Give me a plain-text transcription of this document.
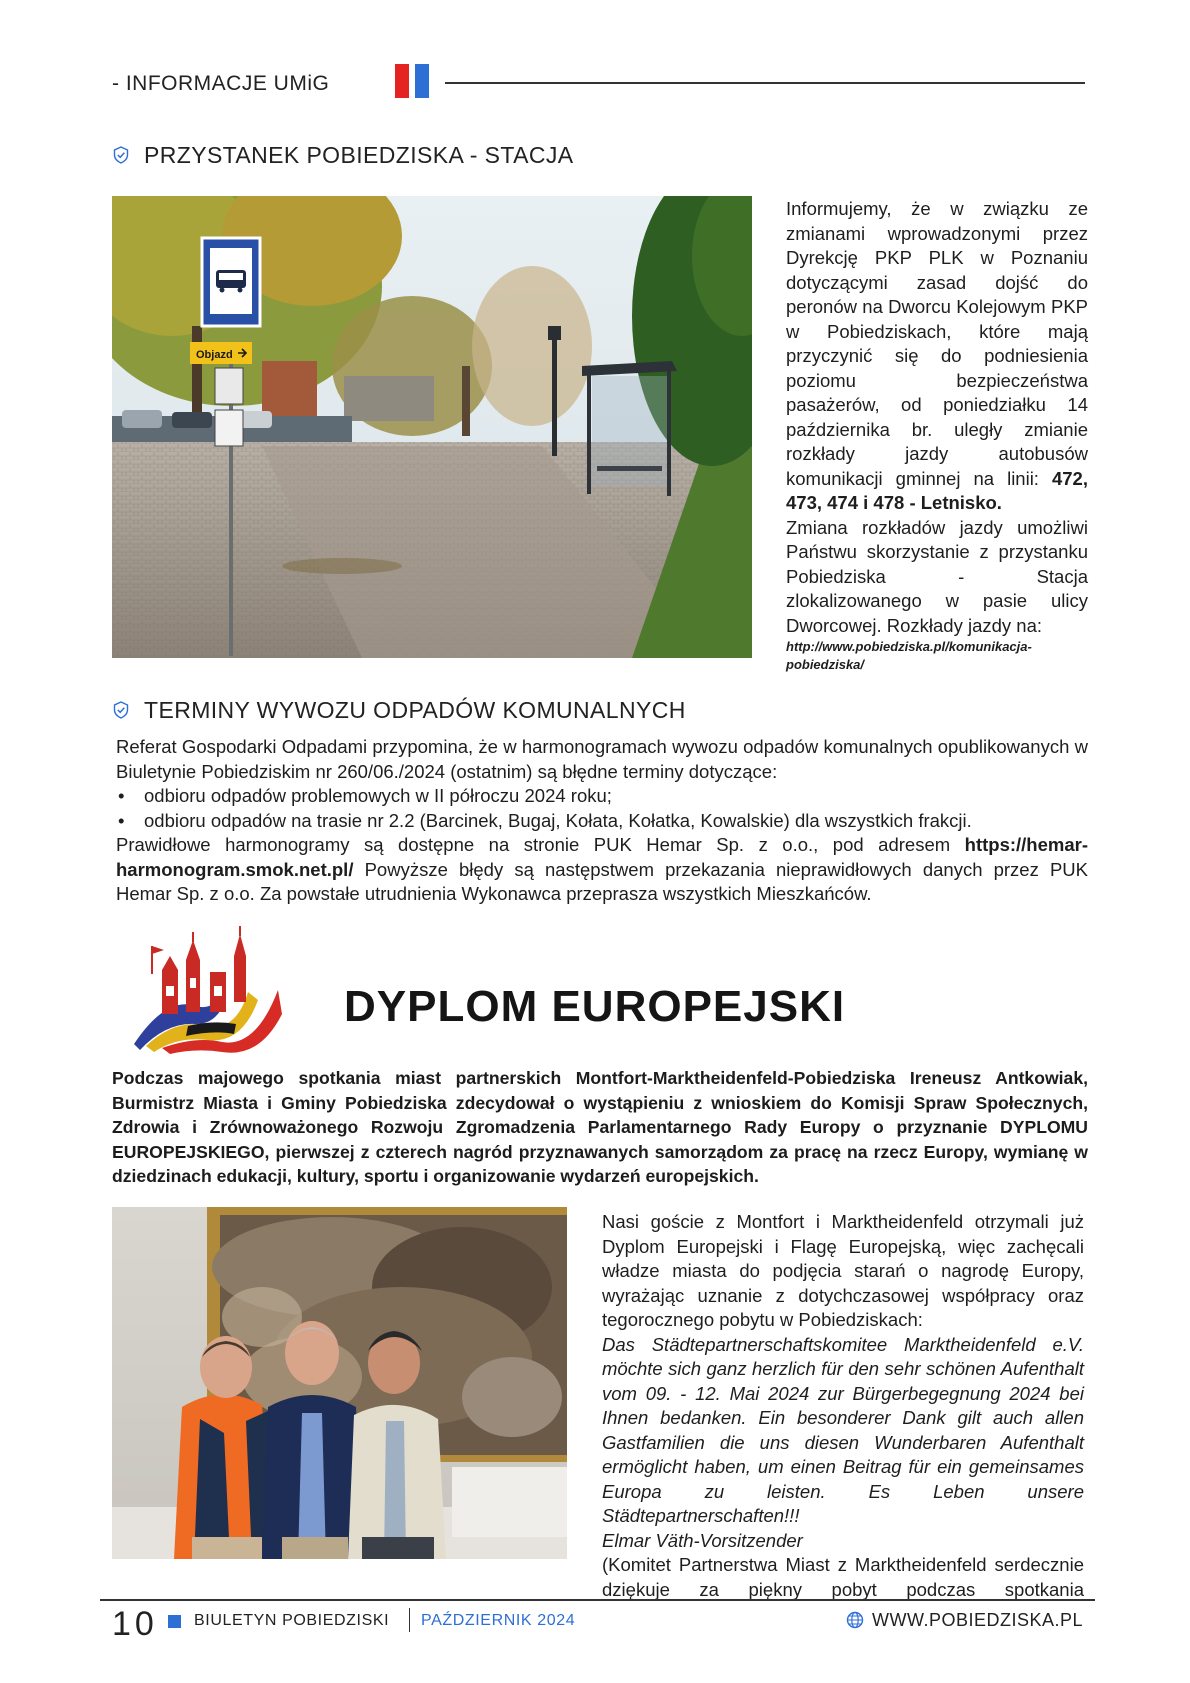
- INFORMACJE UMiG
PRZYSTANEK POBIEDZISKA - STACJA
Objazd

Informujemy, że w związku ze zmianami wprowadzonymi przez Dyrekcję PKP PLK w Poznaniu dotyczącymi zasad dojść do peronów na Dworcu Kolejowym PKP w Pobiedziskach, które mają przyczynić się do podniesienia poziomu bezpieczeństwa pasażerów, od poniedziałku 14 października br. uległy zmianie rozkłady jazdy autobusów komunikacji gminnej na linii: 472, 473, 474 i 478 - Letnisko.

Zmiana rozkładów jazdy umożliwi Państwu skorzystanie z przystanku Pobiedziska - Stacja zlokalizowanego w pasie ulicy Dworcowej. Rozkłady jazdy na:

http://www.pobiedziska.pl/komunikacja-pobiedziska/

TERMINY WYWOZU ODPADÓW KOMUNALNYCH

Referat Gospodarki Odpadami przypomina, że w harmonogramach wywozu odpadów komunalnych opublikowanych w Biuletynie Pobiedziskim nr 260/06./2024 (ostatnim) są błędne terminy dotyczące:

• odbioru odpadów problemowych w II półroczu 2024 roku;
• odbioru odpadów na trasie nr 2.2 (Barcinek, Bugaj, Kołata, Kołatka, Kowalskie) dla wszystkich frakcji.

Prawidłowe harmonogramy są dostępne na stronie PUK Hemar Sp. z o.o., pod adresem https://hemar-harmonogram.smok.net.pl/ Powyższe błędy są następstwem przekazania nieprawidłowych danych przez PUK Hemar Sp. z o.o. Za powstałe utrudnienia Wykonawca przeprasza wszystkich Mieszkańców.

DYPLOM EUROPEJSKI

Podczas majowego spotkania miast partnerskich Montfort-Marktheidenfeld-Pobiedziska Ireneusz Antkowiak, Burmistrz Miasta i Gminy Pobiedziska zdecydował o wystąpieniu z wnioskiem do Komisji Spraw Społecznych, Zdrowia i Zrównoważonego Rozwoju Zgromadzenia Parlamentarnego Rady Europy o przyznanie DYPLOMU EUROPEJSKIEGO, pierwszej z czterech nagród przyznawanych samorządom za pracę na rzecz Europy, wymianę w dziedzinach edukacji, kultury, sportu i organizowanie wydarzeń europejskich.

Nasi goście z Montfort i Marktheidenfeld otrzymali już Dyplom Europejski i Flagę Europejską, więc zachęcali władze miasta do podjęcia starań o nagrodę Europy, wyrażając uznanie z dotychczasowej współpracy oraz tegorocznego pobytu w Pobiedziskach:

Das Städtepartnerschaftskomitee Marktheidenfeld e.V. möchte sich ganz herzlich für den sehr schönen Aufenthalt vom 09. - 12. Mai 2024 zur Bürgerbegegnung 2024 bei Ihnen bedanken. Ein besonderer Dank gilt auch allen Gastfamilien die uns diesen Wunderbaren Aufenthalt ermöglicht haben, um einen Beitrag für ein gemeinsames Europa zu leisten. Es Leben unsere Städtepartnerschaften!!!

Elmar Väth-Vorsitzender

(Komitet Partnerstwa Miast z Marktheidenfeld serdecznie dziękuje za piękny pobyt podczas spotkania

10 BIULETYN POBIEDZISKI PAŹDZIERNIK 2024	WWW.POBIEDZISKA.PL
